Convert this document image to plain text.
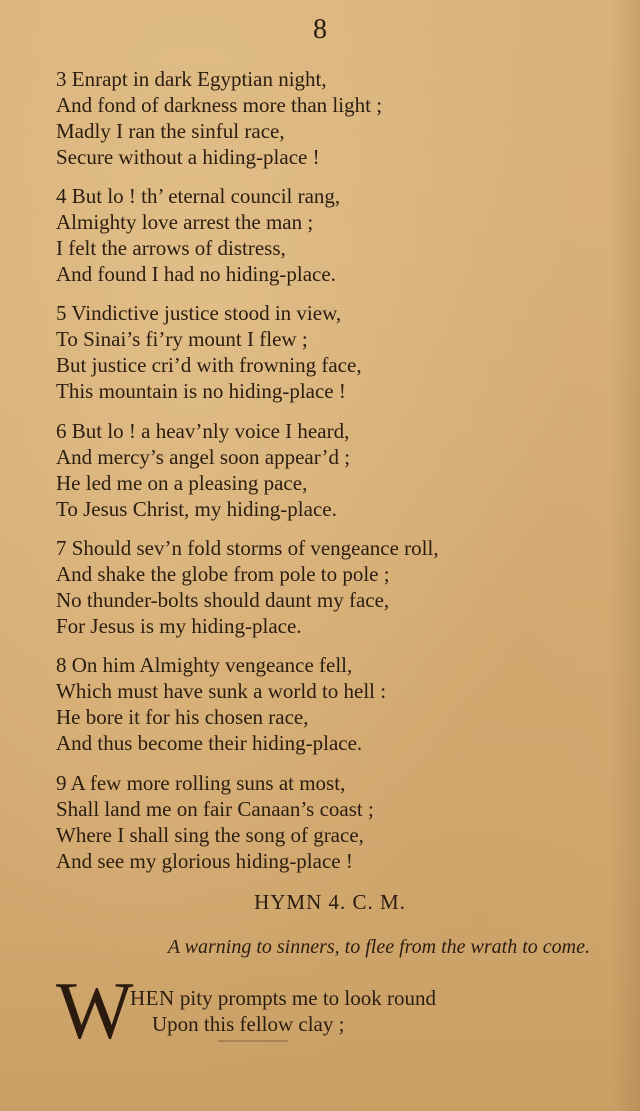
8

3 Enrapt in dark Egyptian night,
And fond of darkness more than light ;
Madly I ran the sinful race,
Secure without a hiding-place !
4 But lo ! th’ eternal council rang,
Almighty love arrest the man ;
I felt the arrows of distress,
And found I had no hiding-place.
5 Vindictive justice stood in view,
To Sinai’s fi’ry mount I flew ;
But justice cri’d with frowning face,
This mountain is no hiding-place !
6 But lo ! a heav’nly voice I heard,
And mercy’s angel soon appear’d ;
He led me on a pleasing pace,
To Jesus Christ, my hiding-place.
7 Should sev’n fold storms of vengeance roll,
And shake the globe from pole to pole ;
No thunder-bolts should daunt my face,
For Jesus is my hiding-place.
8 On him Almighty vengeance fell,
Which must have sunk a world to hell :
He bore it for his chosen race,
And thus become their hiding-place.
9 A few more rolling suns at most,
Shall land me on fair Canaan’s coast ;
Where I shall sing the song of grace,
And see my glorious hiding-place !

HYMN 4. C. M.

A warning to sinners, to flee from the wrath to come.

W
HEN pity prompts me to look round
Upon this fellow clay ;
